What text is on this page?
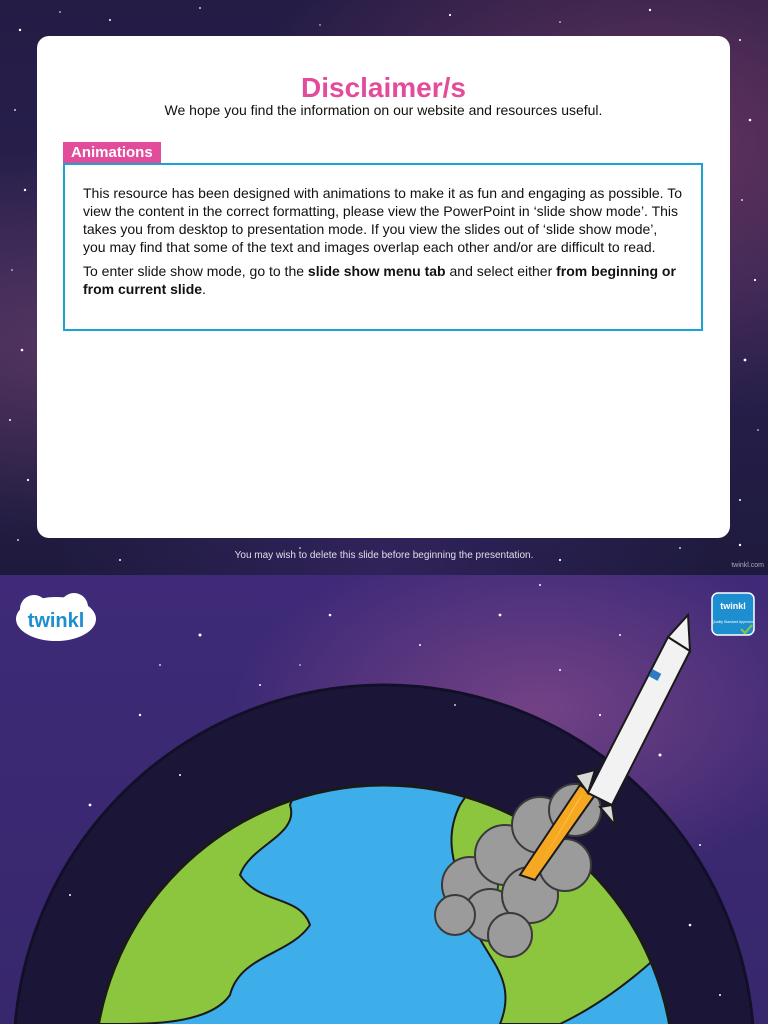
Disclaimer/s
We hope you find the information on our website and resources useful.
Animations

This resource has been designed with animations to make it as fun and engaging as possible. To view the content in the correct formatting, please view the PowerPoint in ‘slide show mode’. This takes you from desktop to presentation mode. If you view the slides out of ‘slide show mode’, you may find that some of the text and images overlap each other and/or are difficult to read.

To enter slide show mode, go to the slide show menu tab and select either from beginning or from current slide.

You may wish to delete this slide before beginning the presentation.
twinkl.com
twinkl
twinkl
Quality Standard Approved
